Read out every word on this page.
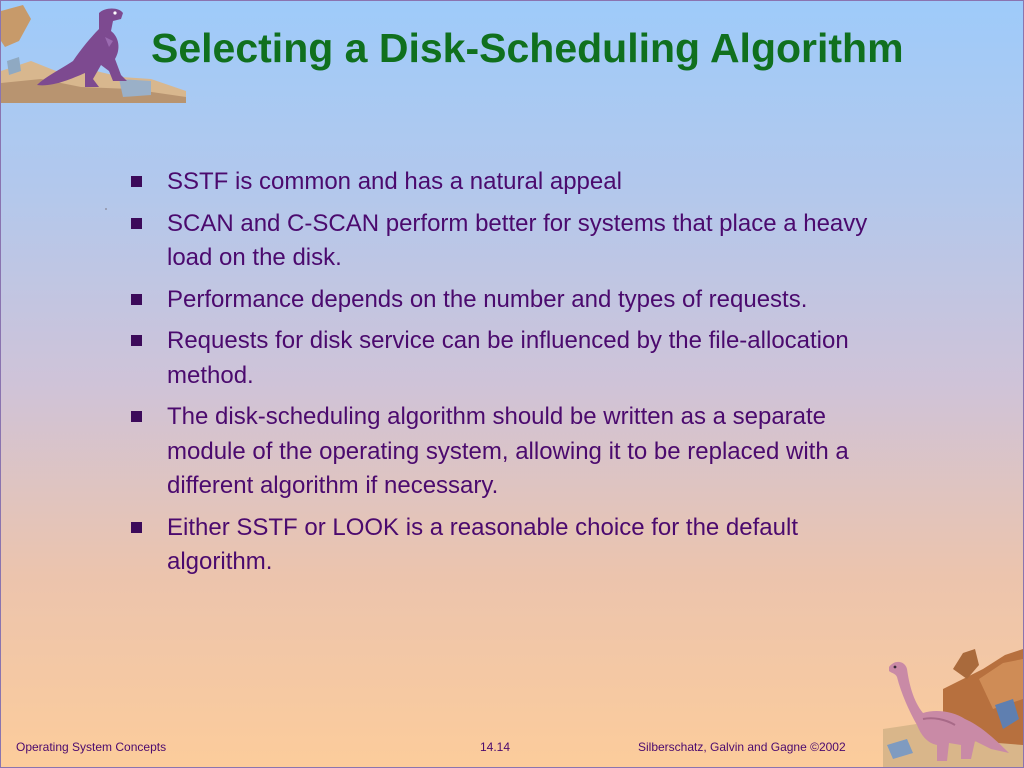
Selecting a Disk-Scheduling Algorithm
SSTF is common and has a natural appeal
SCAN and C-SCAN perform better for systems that place a heavy load on the disk.
Performance depends on the number and types of requests.
Requests for disk service can be influenced by the file-allocation method.
The disk-scheduling algorithm should be written as a separate module of the operating system, allowing it to be replaced with a different algorithm if necessary.
Either SSTF or LOOK is a reasonable choice for the default algorithm.
Operating System Concepts	14.14	Silberschatz, Galvin and Gagne ©2002
